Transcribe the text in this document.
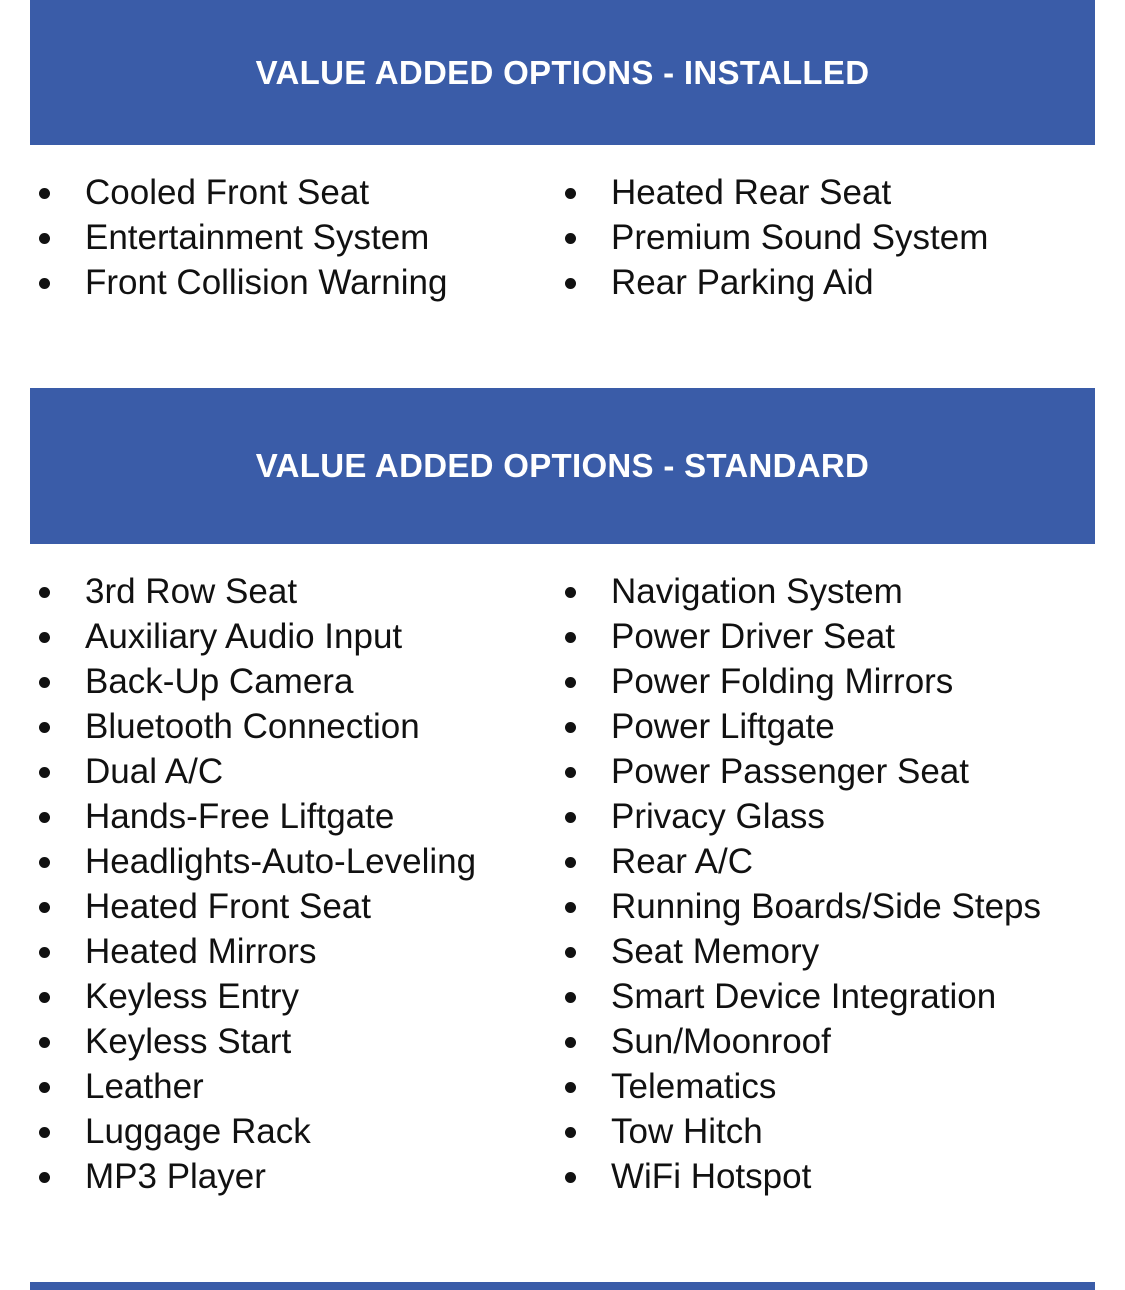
VALUE ADDED OPTIONS - INSTALLED
Cooled Front Seat
Entertainment System
Front Collision Warning
Heated Rear Seat
Premium Sound System
Rear Parking Aid
VALUE ADDED OPTIONS - STANDARD
3rd Row Seat
Auxiliary Audio Input
Back-Up Camera
Bluetooth Connection
Dual A/C
Hands-Free Liftgate
Headlights-Auto-Leveling
Heated Front Seat
Heated Mirrors
Keyless Entry
Keyless Start
Leather
Luggage Rack
MP3 Player
Navigation System
Power Driver Seat
Power Folding Mirrors
Power Liftgate
Power Passenger Seat
Privacy Glass
Rear A/C
Running Boards/Side Steps
Seat Memory
Smart Device Integration
Sun/Moonroof
Telematics
Tow Hitch
WiFi Hotspot
